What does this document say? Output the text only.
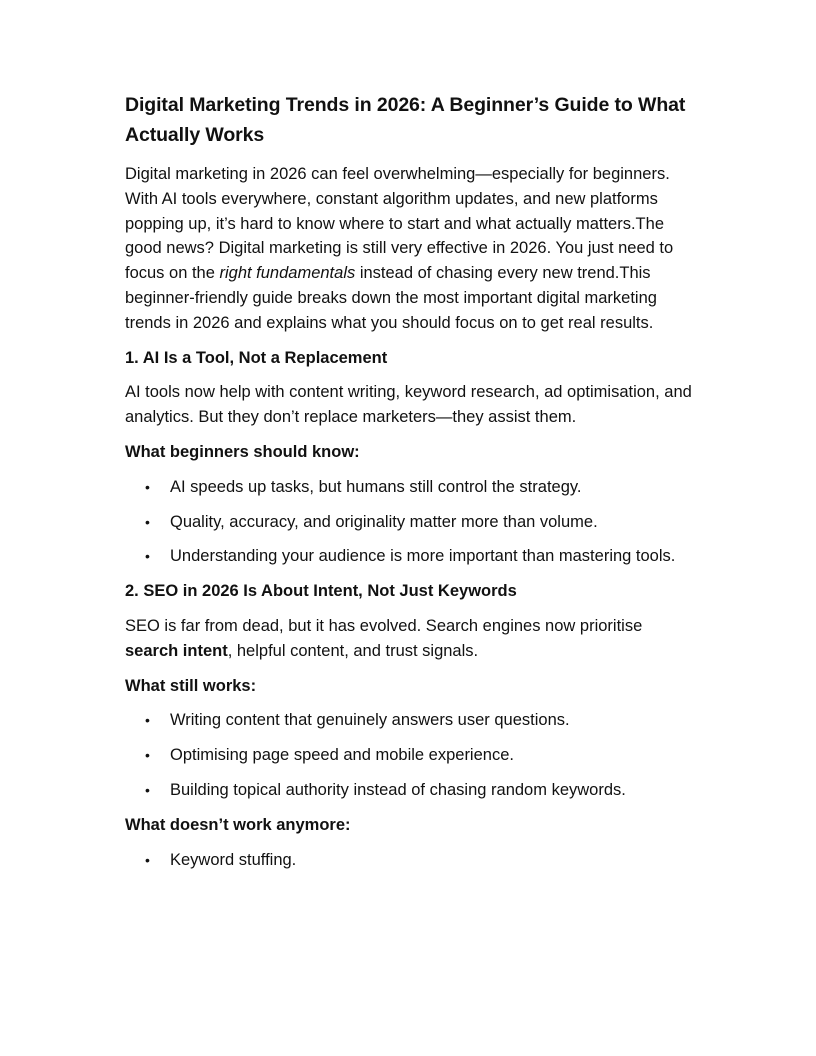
Digital Marketing Trends in 2026: A Beginner’s Guide to What Actually Works

Digital marketing in 2026 can feel overwhelming—especially for beginners. With AI tools everywhere, constant algorithm updates, and new platforms popping up, it’s hard to know where to start and what actually matters.The good news? Digital marketing is still very effective in 2026. You just need to focus on the right fundamentals instead of chasing every new trend.This beginner-friendly guide breaks down the most important digital marketing trends in 2026 and explains what you should focus on to get real results.

1. AI Is a Tool, Not a Replacement

AI tools now help with content writing, keyword research, ad optimisation, and analytics. But they don’t replace marketers—they assist them.

What beginners should know:
• AI speeds up tasks, but humans still control the strategy.
• Quality, accuracy, and originality matter more than volume.
• Understanding your audience is more important than mastering tools.
2. SEO in 2026 Is About Intent, Not Just Keywords

SEO is far from dead, but it has evolved. Search engines now prioritise search intent, helpful content, and trust signals.

What still works:
• Writing content that genuinely answers user questions.
• Optimising page speed and mobile experience.
• Building topical authority instead of chasing random keywords.
What doesn’t work anymore:
• Keyword stuffing.
